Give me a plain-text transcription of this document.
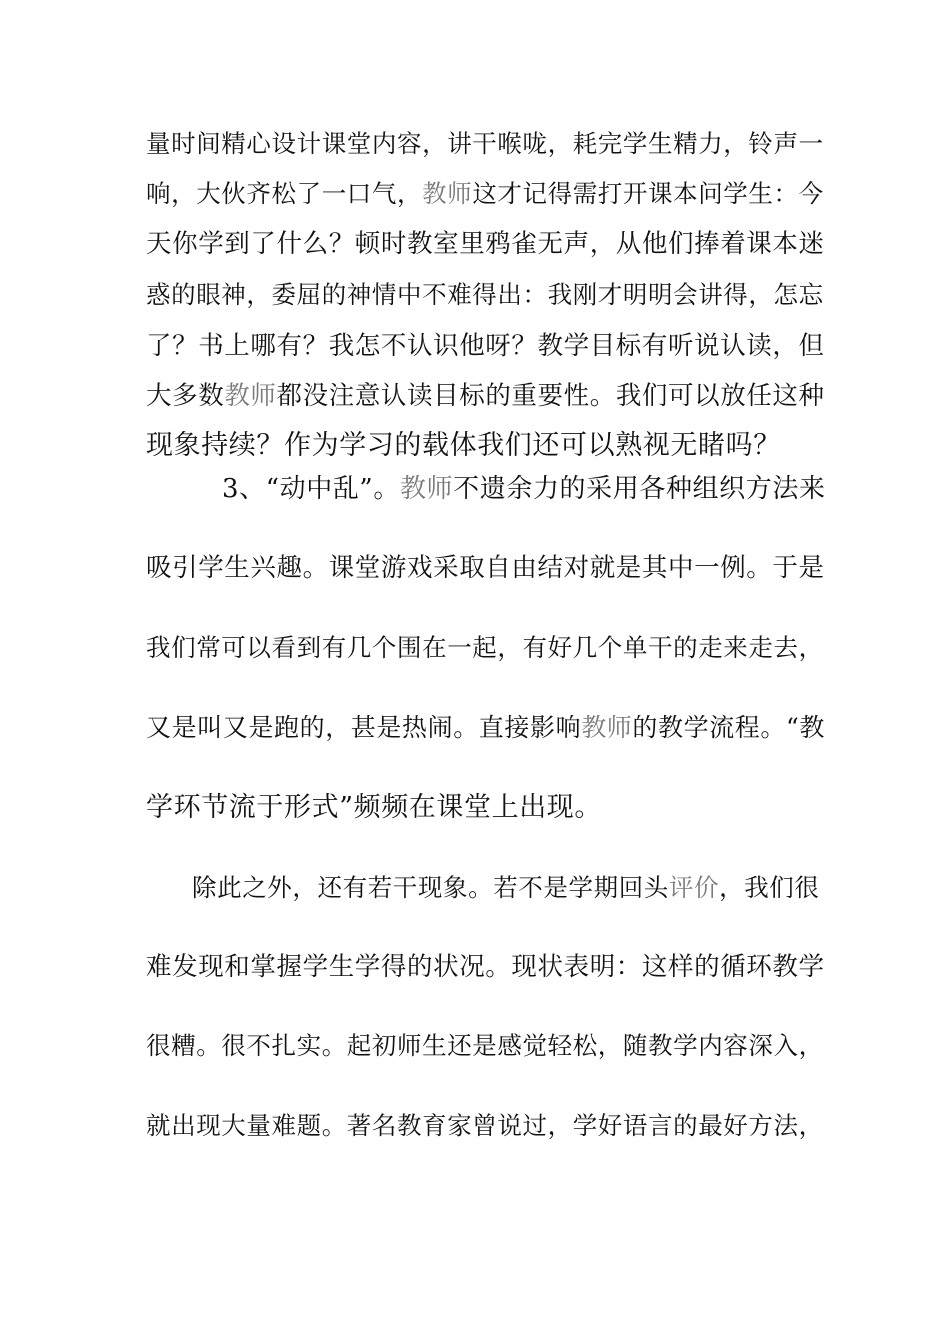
量时间精心设计课堂内容，讲干喉咙，耗完学生精力，铃声一
响，大伙齐松了一口气，教师这才记得需打开课本问学生：今
天你学到了什么？顿时教室里鸦雀无声，从他们捧着课本迷
惑的眼神，委屈的神情中不难得出：我刚才明明会讲得，怎忘
了？书上哪有？我怎不认识他呀？教学目标有听说认读，但
大多数教师都没注意认读目标的重要性。我们可以放任这种
现象持续？作为学习的载体我们还可以熟视无睹吗？
3、“动中乱”。教师不遗余力的采用各种组织方法来
吸引学生兴趣。课堂游戏采取自由结对就是其中一例。于是
我们常可以看到有几个围在一起，有好几个单干的走来走去，
又是叫又是跑的，甚是热闹。直接影响教师的教学流程。“教
学环节流于形式”频频在课堂上出现。
除此之外，还有若干现象。若不是学期回头评价，我们很
难发现和掌握学生学得的状况。现状表明：这样的循环教学
很糟。很不扎实。起初师生还是感觉轻松，随教学内容深入，
就出现大量难题。著名教育家曾说过，学好语言的最好方法，
